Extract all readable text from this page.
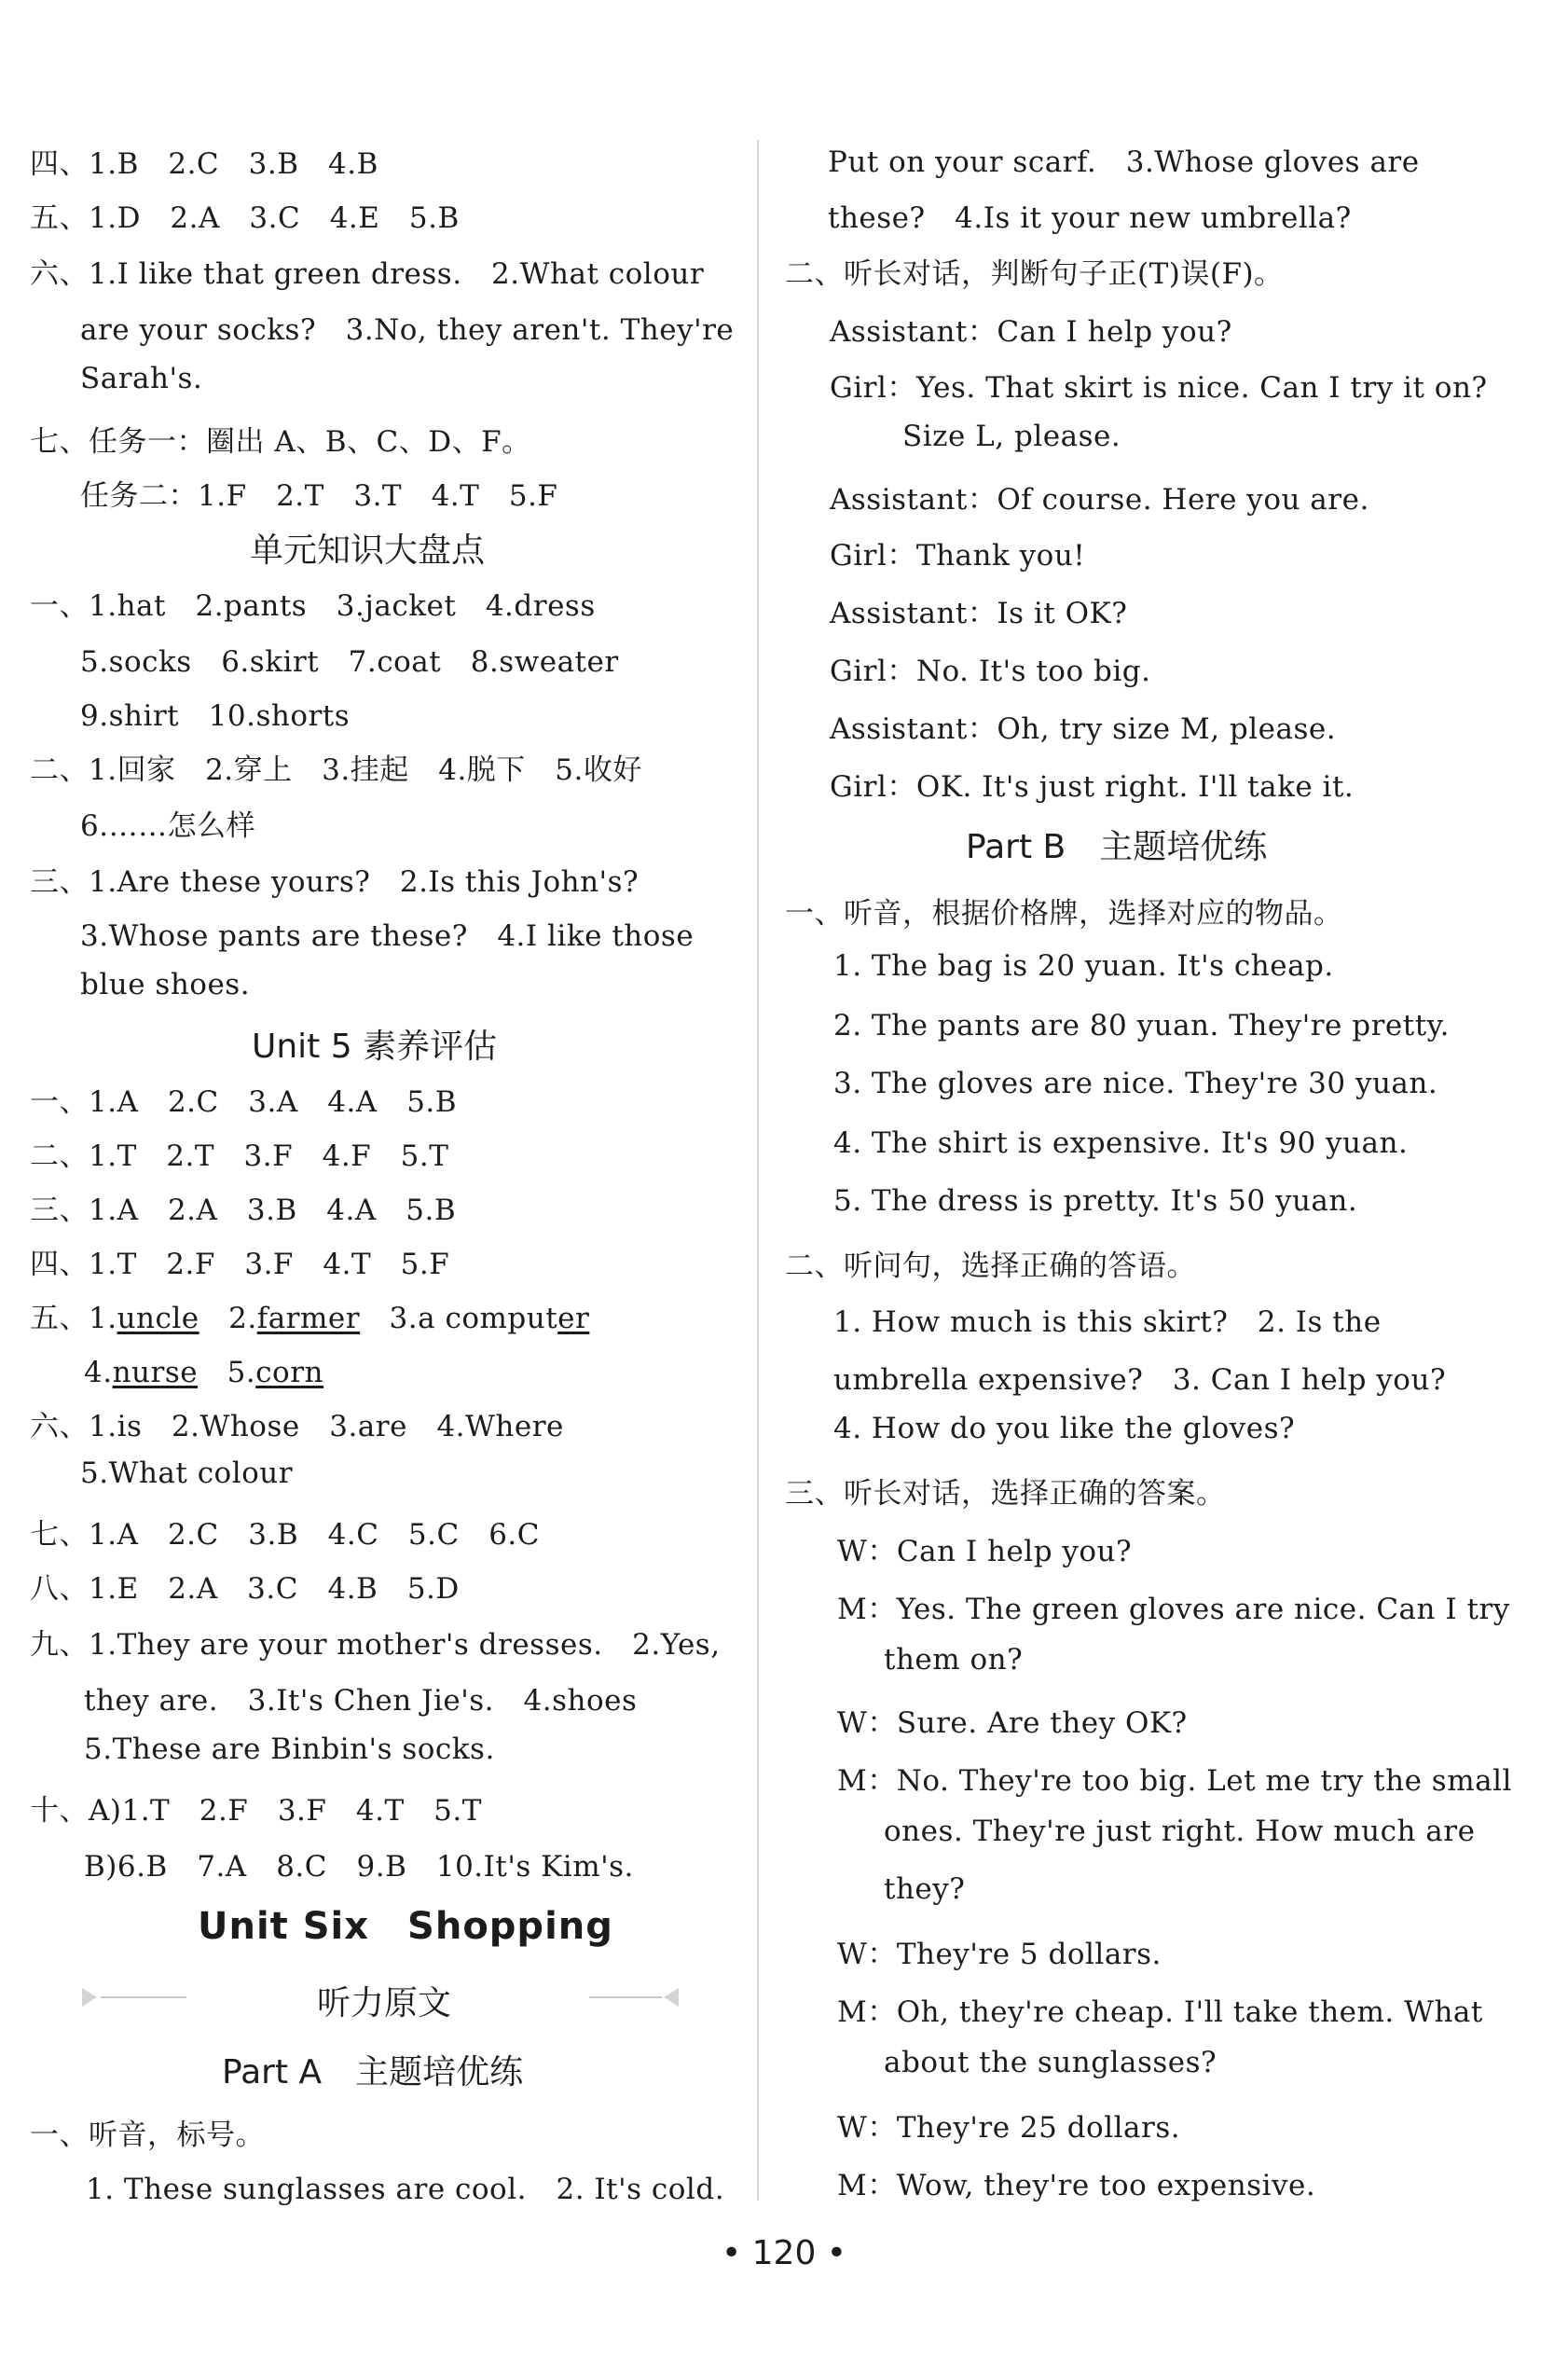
四、1.B　2.C　3.B　4.B
五、1.D　2.A　3.C　4.E　5.B
六、1.I like that green dress.　2.What colour
are your socks?　3.No, they aren't. They're
Sarah's.
七、任务一：圈出 A、B、C、D、F。
任务二：1.F　2.T　3.T　4.T　5.F
单元知识大盘点
一、1.hat　2.pants　3.jacket　4.dress
5.socks　6.skirt　7.coat　8.sweater
9.shirt　10.shorts
二、1.回家　2.穿上　3.挂起　4.脱下　5.收好
6.……怎么样
三、1.Are these yours?　2.Is this John's?
3.Whose pants are these?　4.I like those
blue shoes.
Unit 5 素养评估
一、1.A　2.C　3.A　4.A　5.B
二、1.T　2.T　3.F　4.F　5.T
三、1.A　2.A　3.B　4.A　5.B
四、1.T　2.F　3.F　4.T　5.F
五、1.uncle　2.farmer　3.a computer
4.nurse　5.corn
六、1.is　2.Whose　3.are　4.Where
5.What colour
七、1.A　2.C　3.B　4.C　5.C　6.C
八、1.E　2.A　3.C　4.B　5.D
九、1.They are your mother's dresses.　2.Yes,
they are.　3.It's Chen Jie's.　4.shoes
5.These are Binbin's socks.
十、A)1.T　2.F　3.F　4.T　5.T
B)6.B　7.A　8.C　9.B　10.It's Kim's.
Unit Six　Shopping
听力原文
Part A　主题培优练
一、听音，标号。
1. These sunglasses are cool.　2. It's cold.
Put on your scarf.　3.Whose gloves are
these?　4.Is it your new umbrella?
二、听长对话，判断句子正(T)误(F)。
Assistant：Can I help you?
Girl：Yes. That skirt is nice. Can I try it on?
Size L, please.
Assistant：Of course. Here you are.
Girl：Thank you!
Assistant：Is it OK?
Girl：No. It's too big.
Assistant：Oh, try size M, please.
Girl：OK. It's just right. I'll take it.
Part B　主题培优练
一、听音，根据价格牌，选择对应的物品。
1. The bag is 20 yuan. It's cheap.
2. The pants are 80 yuan. They're pretty.
3. The gloves are nice. They're 30 yuan.
4. The shirt is expensive. It's 90 yuan.
5. The dress is pretty. It's 50 yuan.
二、听问句，选择正确的答语。
1. How much is this skirt?　2. Is the
umbrella expensive?　3. Can I help you?
4. How do you like the gloves?
三、听长对话，选择正确的答案。
W：Can I help you?
M：Yes. The green gloves are nice. Can I try
them on?
W：Sure. Are they OK?
M：No. They're too big. Let me try the small
ones. They're just right. How much are
they?
W：They're 5 dollars.
M：Oh, they're cheap. I'll take them. What
about the sunglasses?
W：They're 25 dollars.
M：Wow, they're too expensive.
• 120 •
